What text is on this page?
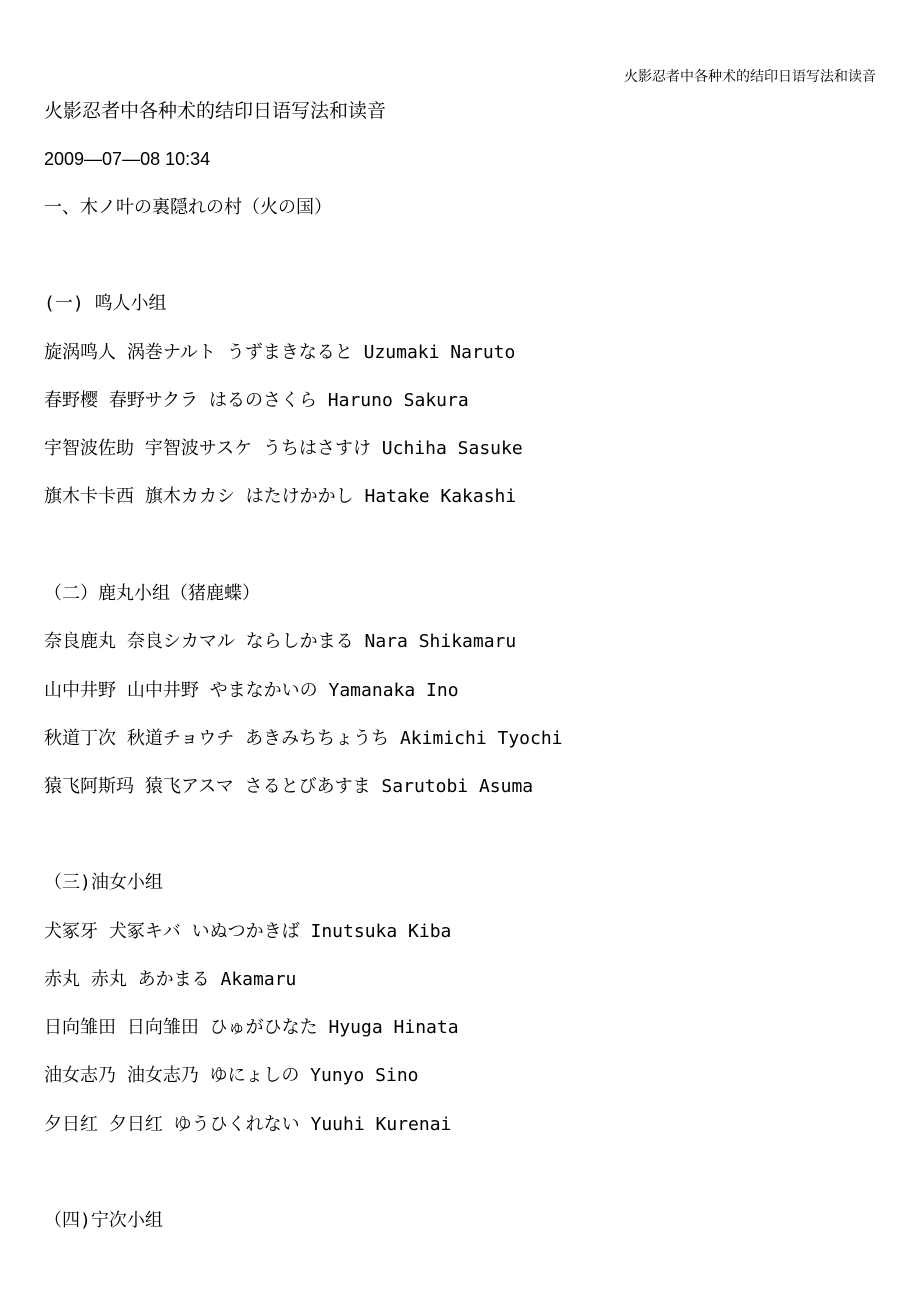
火影忍者中各种术的结印日语写法和读音
火影忍者中各种术的结印日语写法和读音
2009—07—08 10:34
一、木ノ叶の裏隠れの村（火の国）
(一) 鸣人小组
旋涡鸣人 涡巻ナルト うずまきなると Uzumaki Naruto
春野樱 春野サクラ はるのさくら Haruno Sakura
宇智波佐助 宇智波サスケ うちはさすけ Uchiha Sasuke
旗木卡卡西 旗木カカシ はたけかかし Hatake Kakashi
（二）鹿丸小组（猪鹿蝶）
奈良鹿丸 奈良シカマル ならしかまる Nara Shikamaru
山中井野 山中井野 やまなかいの Yamanaka Ino
秋道丁次 秋道チョウチ あきみちちょうち Akimichi Tyochi
猿飞阿斯玛 猿飞アスマ さるとびあすま Sarutobi Asuma
（三)油女小组
犬冢牙 犬冢キバ いぬつかきば Inutsuka Kiba
赤丸 赤丸 あかまる Akamaru
日向雏田 日向雏田 ひゅがひなた Hyuga Hinata
油女志乃 油女志乃 ゆにょしの Yunyo Sino
夕日红 夕日红 ゆうひくれない Yuuhi Kurenai
（四)宁次小组
